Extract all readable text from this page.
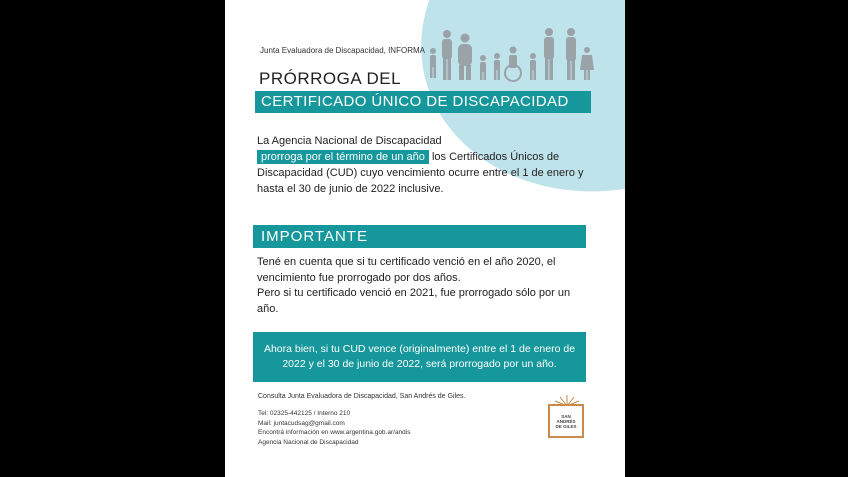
Junta Evaluadora de Discapacidad, INFORMA
PRÓRROGA DEL
CERTIFICADO ÚNICO DE DISCAPACIDAD
La Agencia Nacional de Discapacidad
prorroga por el término de un año los Certificados Únicos de Discapacidad (CUD) cuyo vencimiento ocurre entre el 1 de enero y hasta el 30 de junio de 2022 inclusive.
IMPORTANTE
Tené en cuenta que si tu certificado venció en el año 2020, el vencimiento fue prorrogado por dos años.
Pero si tu certificado venció en 2021, fue prorrogado sólo por un año.
Ahora bien, si tu CUD vence (originalmente) entre el 1 de enero de 2022 y el 30 de junio de 2022, será prorrogado por un año.
Consulta Junta Evaluadora de Discapacidad, San Andrés de Giles.
Tel: 02325-442125 / Interno 210
Mail: juntacudsag@gmail.com
Encontrá información en www.argentina.gob.ar/andis
Agencia Nacional de Discapacidad
SAN
ANDRÉS
DE GILES
